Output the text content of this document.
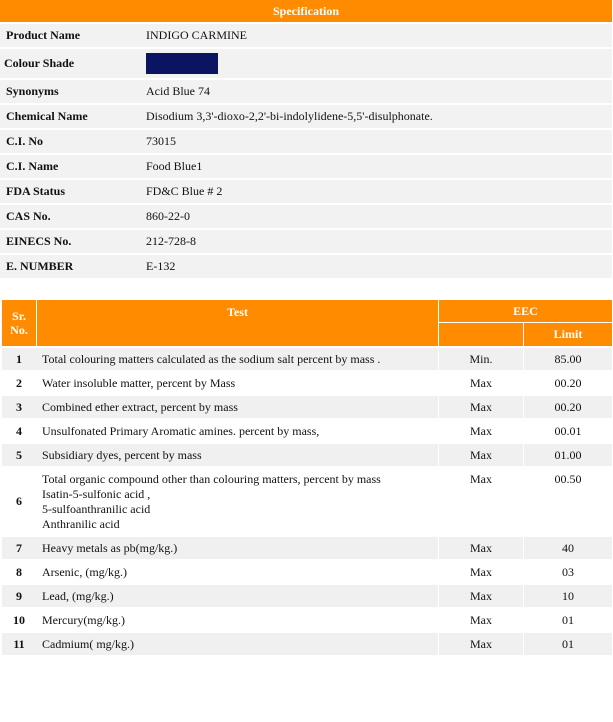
Specification	
Product Name	INDIGO CARMINE
Colour Shade	
Synonyms	Acid Blue 74
Chemical Name	Disodium 3,3'-dioxo-2,2'-bi-indolylidene-5,5'-disulphonate.
C.I. No	73015
C.I. Name	Food Blue1
FDA Status	FD&C Blue # 2
CAS No.	860-22-0
EINECS No.	212-728-8
E. NUMBER	E-132
Sr. No.	Test	EEC	
			Limit
1	Total colouring matters calculated as the sodium salt percent by mass .	Min.	85.00
2	Water insoluble matter, percent by Mass	Max	00.20
3	Combined ether extract, percent by mass	Max	00.20
4	Unsulfonated Primary Aromatic amines. percent by mass,	Max	00.01
5	Subsidiary dyes, percent by mass	Max	01.00
6	Total organic compound other than colouring matters, percent by mass
Isatin-5-sulfonic acid ,
5-sulfoanthranilic acid
Anthranilic acid	Max	00.50
7	Heavy metals as pb(mg/kg.)	Max	40
8	Arsenic, (mg/kg.)	Max	03
9	Lead, (mg/kg.)	Max	10
10	Mercury(mg/kg.)	Max	01
11	Cadmium( mg/kg.)	Max	01
